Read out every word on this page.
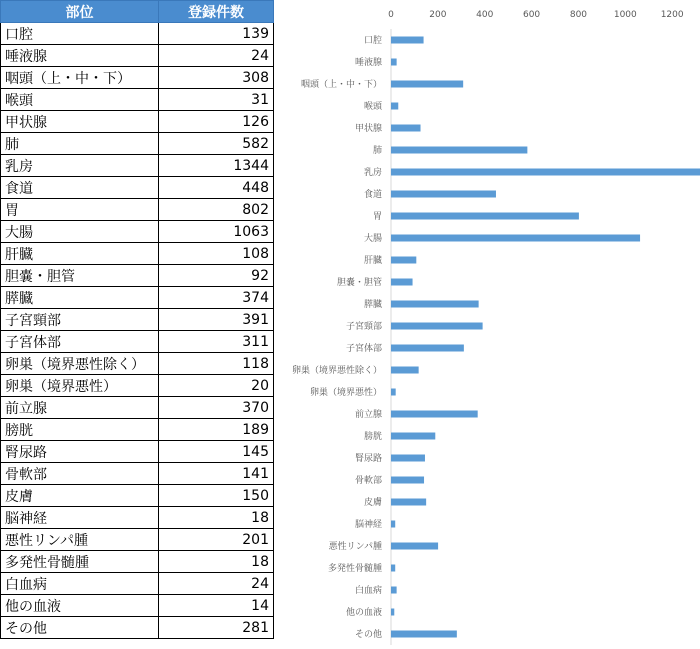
部位	登録件数
口腔	139
唾液腺	24
咽頭（上・中・下）	308
喉頭	31
甲状腺	126
肺	582
乳房	1344
食道	448
胃	802
大腸	1063
肝臓	108
胆嚢・胆管	92
膵臓	374
子宮頸部	391
子宮体部	311
卵巣（境界悪性除く）	118
卵巣（境界悪性）	20
前立腺	370
膀胱	189
腎尿路	145
骨軟部	141
皮膚	150
脳神経	18
悪性リンパ腫	201
多発性骨髄腫	18
白血病	24
他の血液	14
その他	281
0	200	400	600	800	1000	1200
口腔
唾液腺
咽頭（上・中・下）
喉頭
甲状腺
肺
乳房
食道
胃
大腸
肝臓
胆嚢・胆管
膵臓
子宮頸部
子宮体部
卵巣（境界悪性除く）
卵巣（境界悪性）
前立腺
膀胱
腎尿路
骨軟部
皮膚
脳神経
悪性リンパ腫
多発性骨髄腫
白血病
他の血液
その他
